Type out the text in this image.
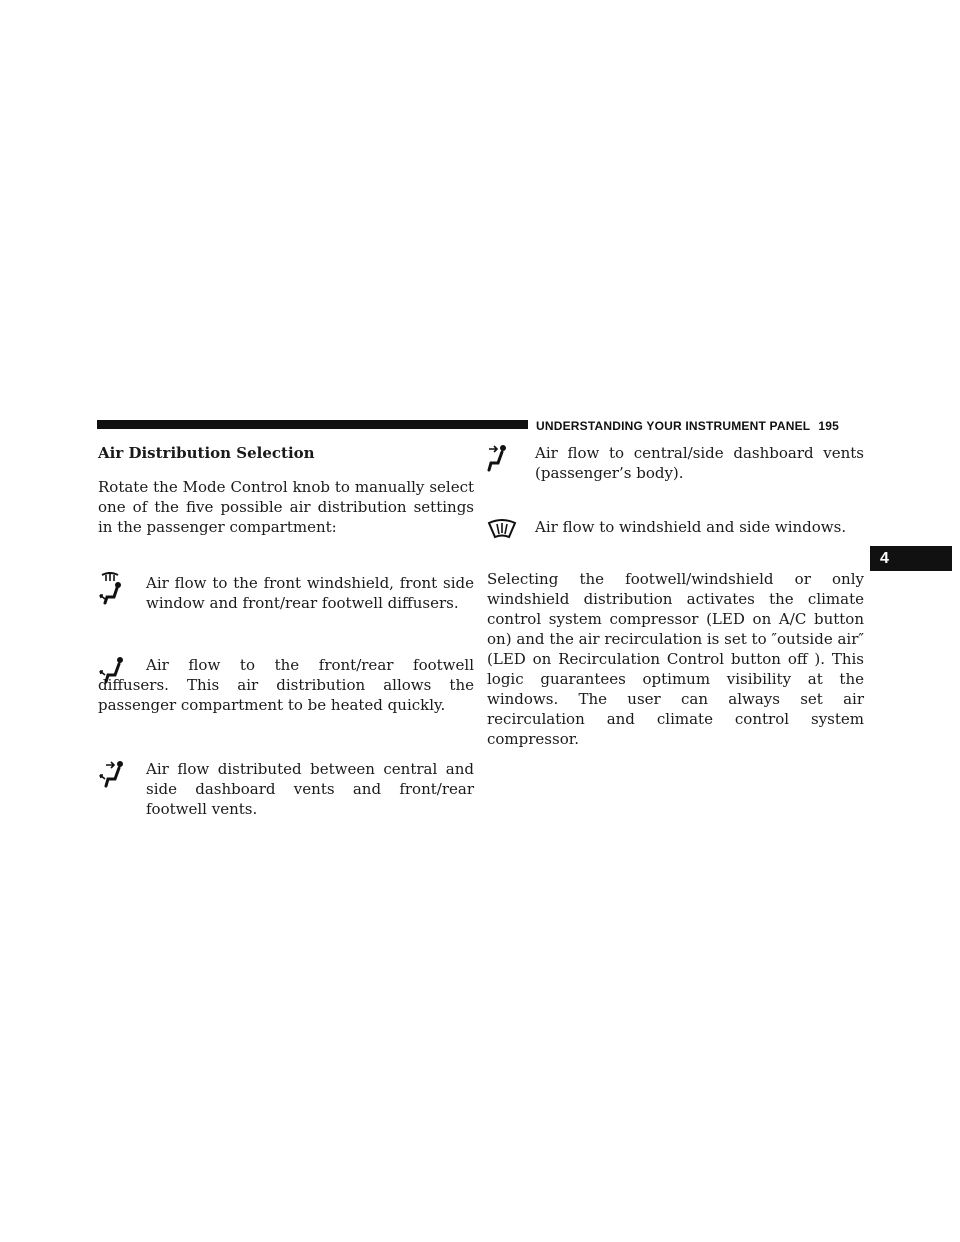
UNDERSTANDING YOUR INSTRUMENT PANEL 195
4
Air Distribution Selection

Rotate the Mode Control knob to manually select one of the five possible air distribution settings in the passenger compartment:

Air flow to the front windshield, front side window and front/rear footwell diffusers.

Air flow to the front/rear footwell diffusers. This air distribution allows the passenger compartment to be heated quickly.

Air flow distributed between central and side dashboard vents and front/rear footwell vents.

Air flow to central/side dashboard vents (passenger’s body).

Air flow to windshield and side windows.

Selecting the footwell/windshield or only windshield distribution activates the climate control system compressor (LED on A/C button on) and the air recirculation is set to ″outside air″ (LED on Recirculation Control button off ). This logic guarantees optimum visibility at the windows. The user can always set air recirculation and climate control system compressor.
